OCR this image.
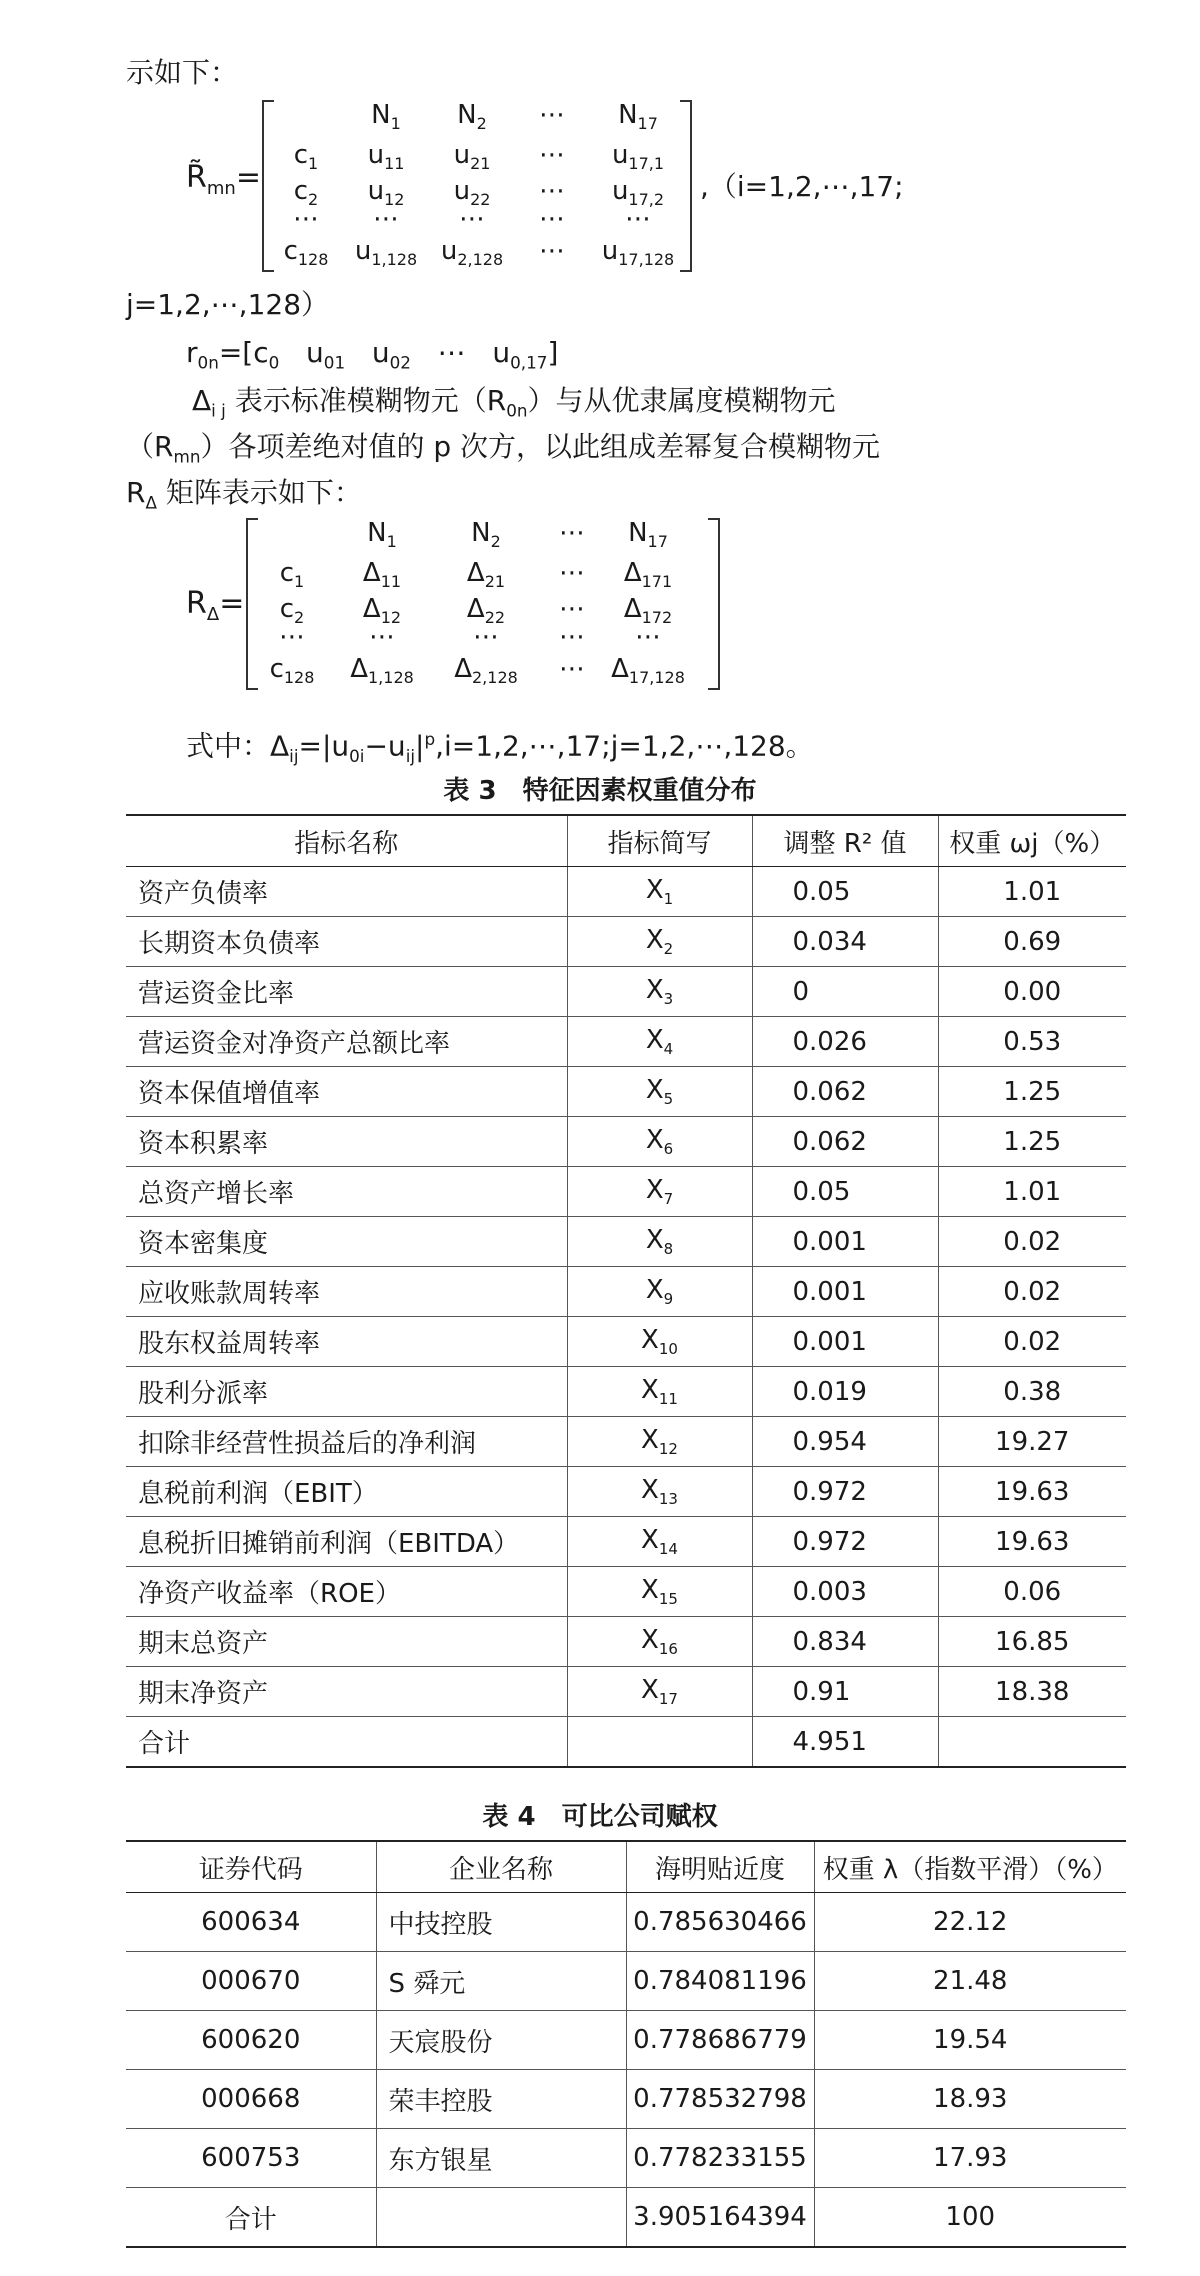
示如下：
$R̃_{mn}=$
$N_1$ $N_2$ ⋯ $N_{17}$
$c_1$ $u_{11}$ $u_{21}$ ⋯ $u_{17,1}$
$c_2$ $u_{12}$ $u_{22}$ ⋯ $u_{17,2}$
⋯ ⋯ ⋯ ⋯ ⋯
$c_{128}$ $u_{1,128}$ $u_{2,128}$ ⋯ $u_{17,128}$
,（i=1,2,⋯,17;
j=1,2,⋯,128）
$r_{0n}=[c_0$   $u_{01}$   $u_{02}$   ⋯   $u_{0,17}$]
$\Delta_{i j}$ 表示标准模糊物元$(R_{0n})$与从优隶属度模糊物元
$(R_{mn})$各项差绝对值的 p 次方，以此组成差幂复合模糊物元
$R_\Delta$ 矩阵表示如下：
$R_\Delta=$
$N_1$	$N_2$ ⋯ $N_{17}$
$c_1$ $\Delta_{11}$	$\Delta_{21}$ ⋯ $\Delta_{171}$
$c_2$ $\Delta_{12}$	$\Delta_{22}$ ⋯ $\Delta_{172}$
⋯ ⋯	⋯ ⋯ ⋯
$c_{128}$ $\Delta_{1,128}$ $\Delta_{2,128}$ ⋯ $\Delta_{17,128}$
式中：$\Delta_{ij}=|u_{0i}-u_{ij}|^p,i=1,2,\cdots,17;j=1,2,\cdots,128$。
表 3　特征因素权重值分布
指标名称	指标简写	调整 R² 值	权重 ωj（%）
资产负债率	$X_1$	0.05	1.01
长期资本负债率	$X_2$	0.034	0.69
营运资金比率	$X_3$	0	0.00
营运资金对净资产总额比率	$X_4$	0.026	0.53
资本保值增值率	$X_5$	0.062	1.25
资本积累率	$X_6$	0.062	1.25
总资产增长率	$X_7$	0.05	1.01
资本密集度	$X_8$	0.001	0.02
应收账款周转率	$X_9$	0.001	0.02
股东权益周转率	$X_{10}$	0.001	0.02
股利分派率	$X_{11}$	0.019	0.38
扣除非经营性损益后的净利润	$X_{12}$	0.954	19.27
息税前利润（EBIT）	$X_{13}$	0.972	19.63
息税折旧摊销前利润（EBITDA）	$X_{14}$	0.972	19.63
净资产收益率（ROE）	$X_{15}$	0.003	0.06
期末总资产	$X_{16}$	0.834	16.85
期末净资产	$X_{17}$	0.91	18.38
合计		4.951	
表 4　可比公司赋权
证券代码	企业名称	海明贴近度	权重 λ（指数平滑）（%）
600634	中技控股	0.785630466	22.12
000670	S 舜元	0.784081196	21.48
600620	天宸股份	0.778686779	19.54
000668	荣丰控股	0.778532798	18.93
600753	东方银星	0.778233155	17.93
合计		3.905164394	100
